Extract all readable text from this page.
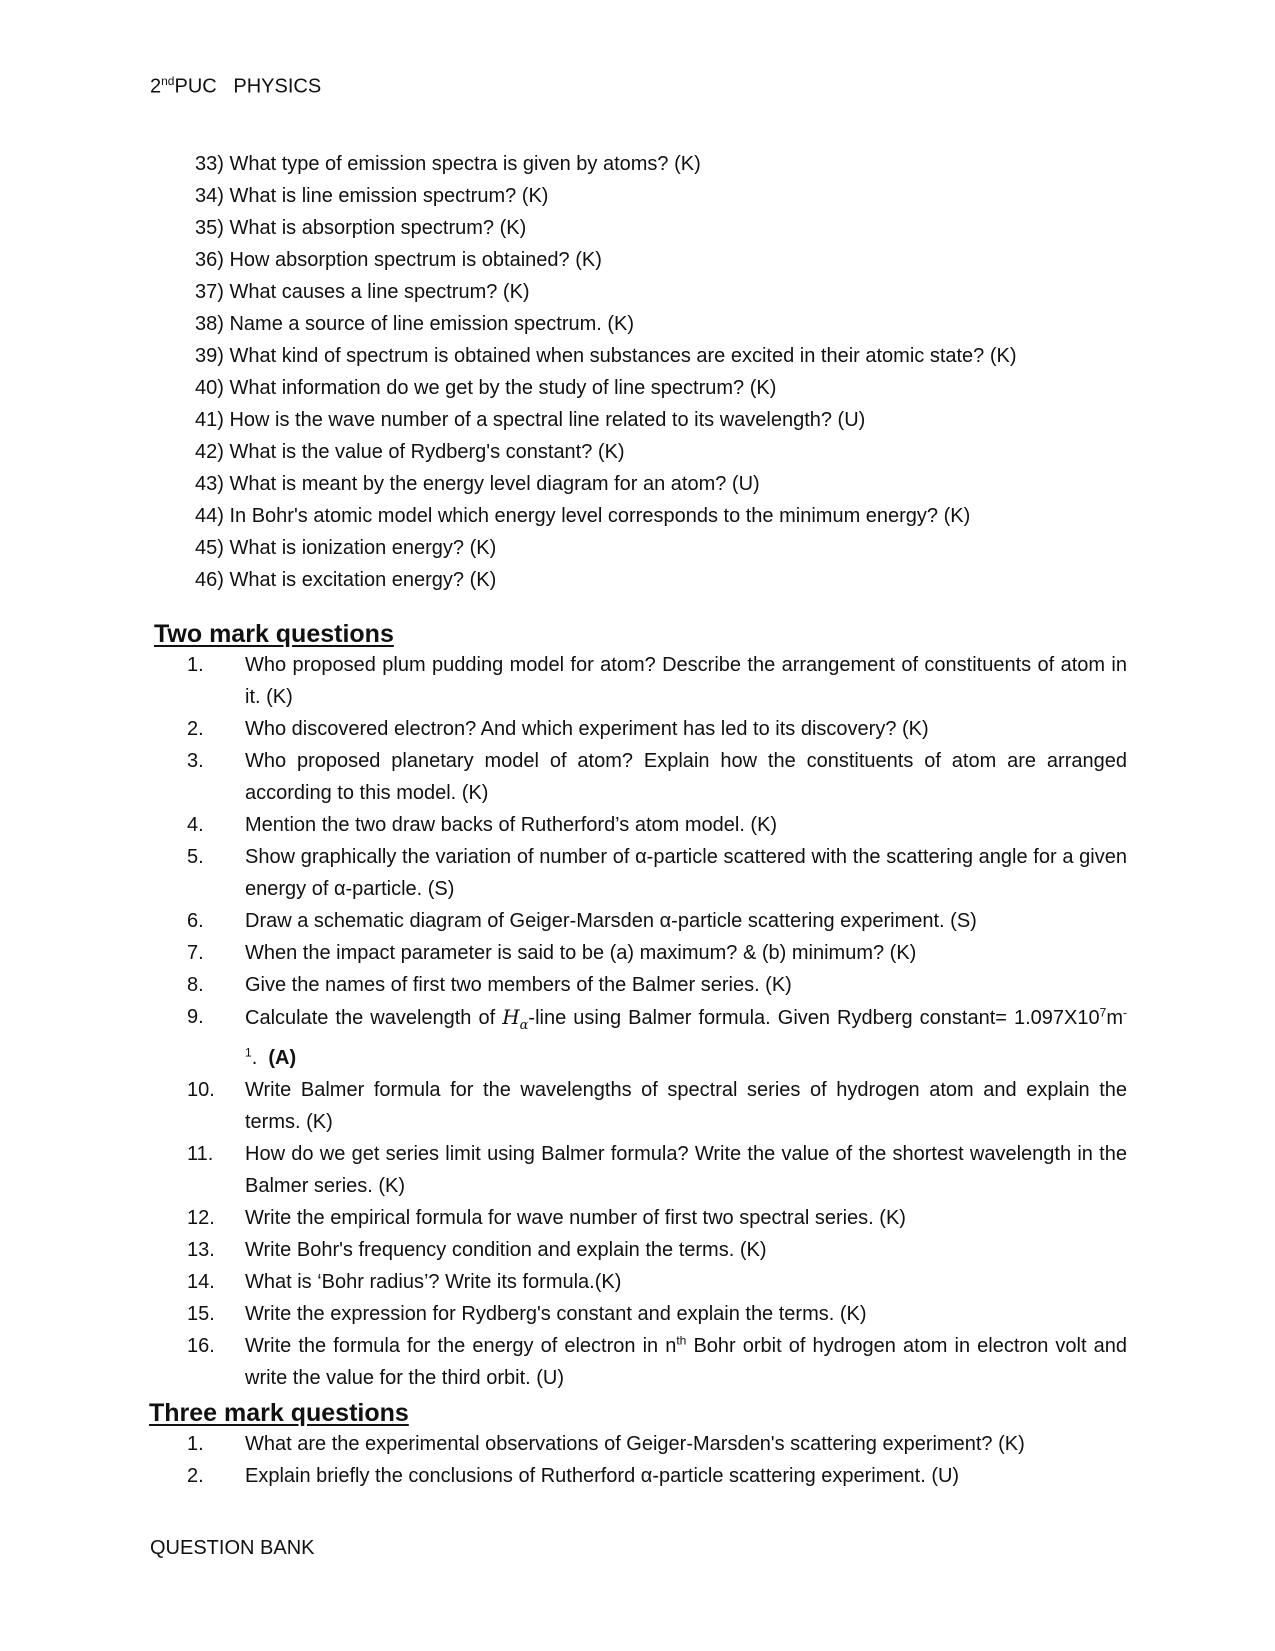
2ndPUC   PHYSICS
33) What type of emission spectra is given by atoms? (K)
34) What is line emission spectrum? (K)
35) What is absorption spectrum? (K)
36) How absorption spectrum is obtained? (K)
37) What causes a line spectrum? (K)
38) Name a source of line emission spectrum. (K)
39) What kind of spectrum is obtained when substances are excited in their atomic state? (K)
40) What information do we get by the study of line spectrum? (K)
41) How is the wave number of a spectral line related to its wavelength? (U)
42) What is the value of Rydberg's constant? (K)
43) What is meant by the energy level diagram for an atom? (U)
44) In Bohr's atomic model which energy level corresponds to the minimum energy? (K)
45) What is ionization energy? (K)
46) What is excitation energy? (K)
Two mark questions
1.	Who proposed plum pudding model for atom? Describe the arrangement of constituents of atom in it. (K)
2.	Who discovered electron? And which experiment has led to its discovery? (K)
3.	Who proposed planetary model of atom? Explain how the constituents of atom are arranged according to this model. (K)
4.	Mention the two draw backs of Rutherford’s atom model. (K)
5.	Show graphically the variation of number of α-particle scattered with the scattering angle for a given energy of α-particle. (S)
6.	Draw a schematic diagram of Geiger-Marsden α-particle scattering experiment. (S)
7.	When the impact parameter is said to be (a) maximum? & (b) minimum? (K)
8.	Give the names of first two members of the Balmer series. (K)
9.	Calculate the wavelength of $H_\alpha$-line using Balmer formula. Given Rydberg constant= $1.097X10^7m^{-1}$.  (A)
10.	Write Balmer formula for the wavelengths of spectral series of hydrogen atom and explain the terms. (K)
11.	How do we get series limit using Balmer formula? Write the value of the shortest wavelength in the Balmer series. (K)
12.	Write the empirical formula for wave number of first two spectral series. (K)
13.	Write Bohr's frequency condition and explain the terms. (K)
14.	What is ‘Bohr radius’? Write its formula.(K)
15.	Write the expression for Rydberg's constant and explain the terms. (K)
16.	Write the formula for the energy of electron in $n^{th}$ Bohr orbit of hydrogen atom in electron volt and write the value for the third orbit. (U)
Three mark questions
1.	What are the experimental observations of Geiger-Marsden's scattering experiment? (K)
2.	Explain briefly the conclusions of Rutherford α-particle scattering experiment. (U)
QUESTION BANK
